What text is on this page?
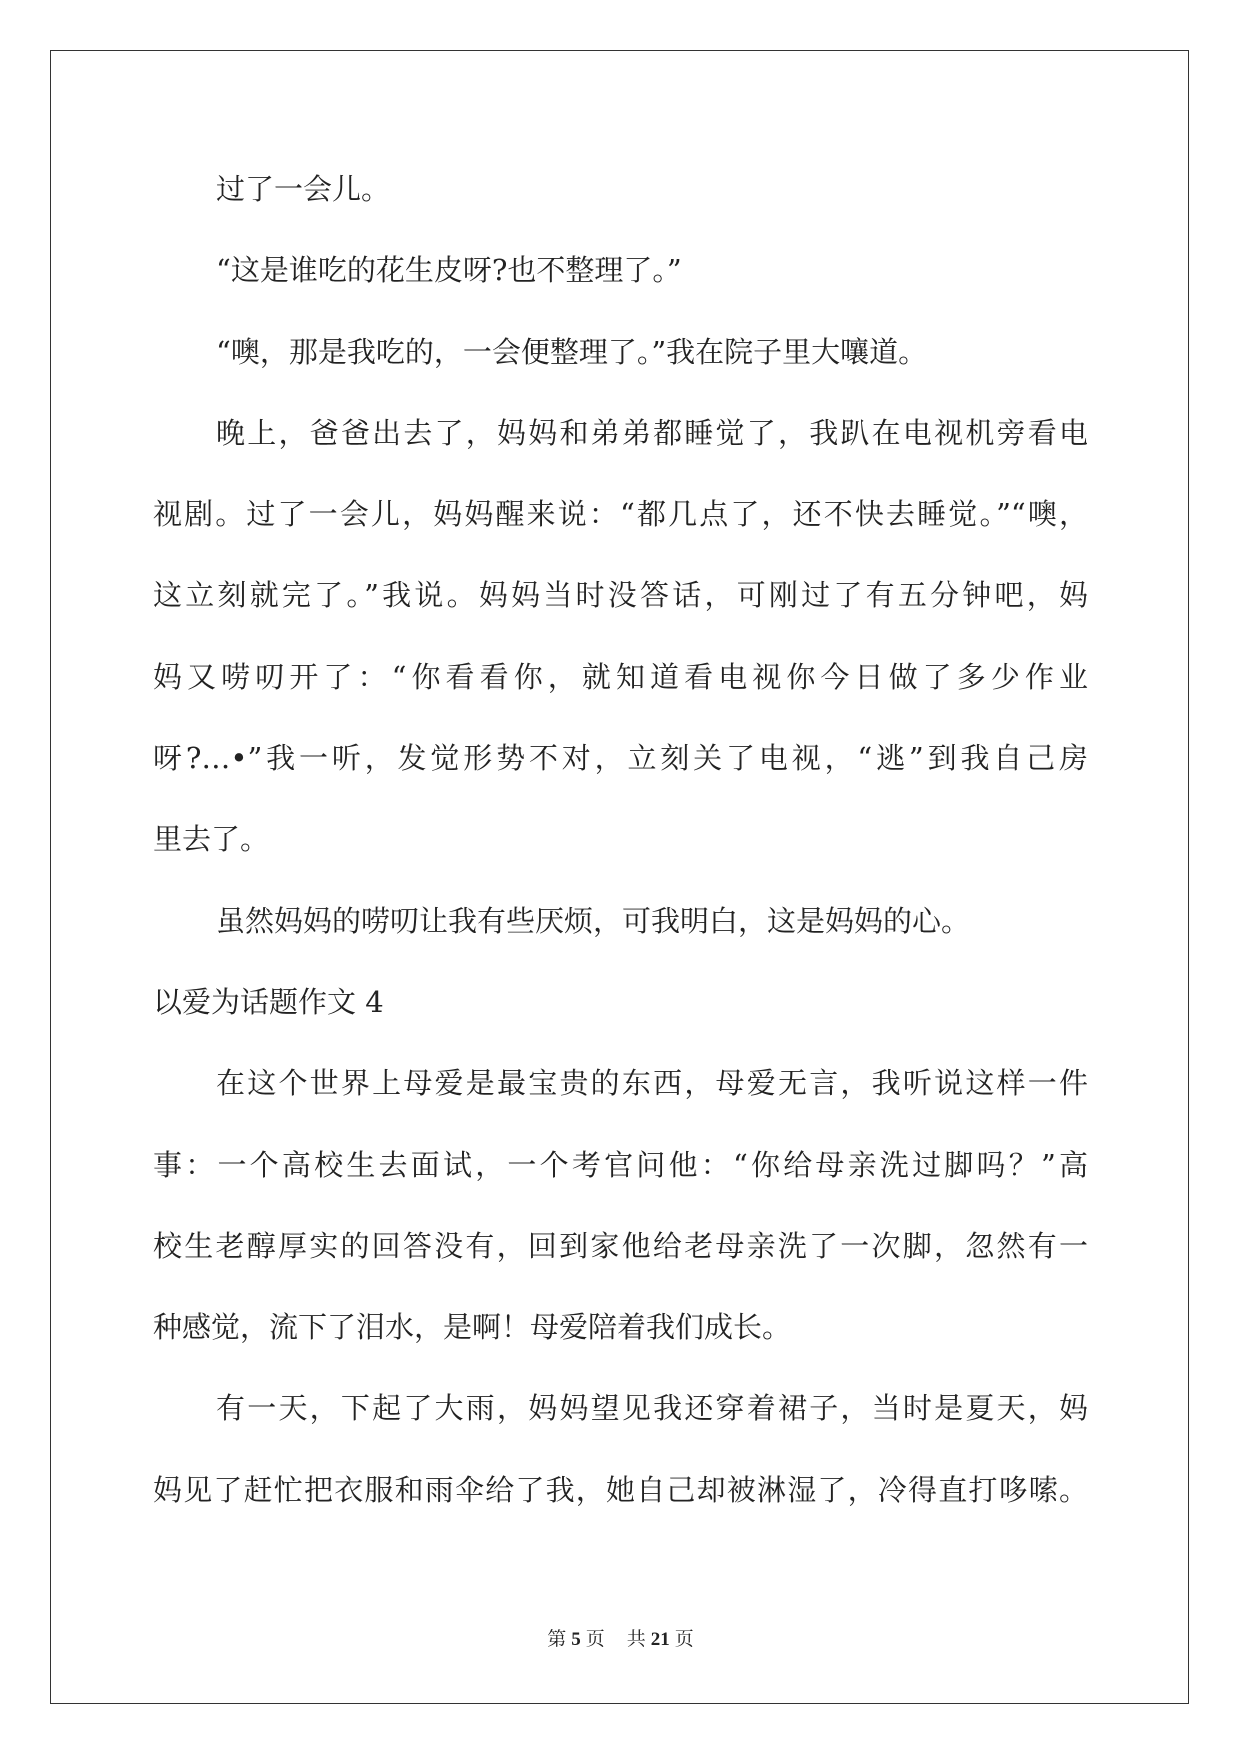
过了一会儿。
“这是谁吃的花生皮呀?也不整理了。”
“噢，那是我吃的，一会便整理了。”我在院子里大嚷道。
晚上，爸爸出去了，妈妈和弟弟都睡觉了，我趴在电视机旁看电
视剧。过了一会儿，妈妈醒来说：“都几点了，还不快去睡觉。”“噢，
这立刻就完了。”我说。妈妈当时没答话，可刚过了有五分钟吧，妈
妈又唠叨开了：“你看看你，就知道看电视你今日做了多少作业
呀?…•”我一听，发觉形势不对，立刻关了电视，“逃”到我自己房
里去了。
虽然妈妈的唠叨让我有些厌烦，可我明白，这是妈妈的心。
以爱为话题作文 4
在这个世界上母爱是最宝贵的东西，母爱无言，我听说这样一件
事：一个高校生去面试，一个考官问他：“你给母亲洗过脚吗？”高
校生老醇厚实的回答没有，回到家他给老母亲洗了一次脚，忽然有一
种感觉，流下了泪水，是啊！母爱陪着我们成长。
有一天，下起了大雨，妈妈望见我还穿着裙子，当时是夏天，妈
妈见了赶忙把衣服和雨伞给了我，她自己却被淋湿了，冷得直打哆嗦。
第 5 页 共 21 页
